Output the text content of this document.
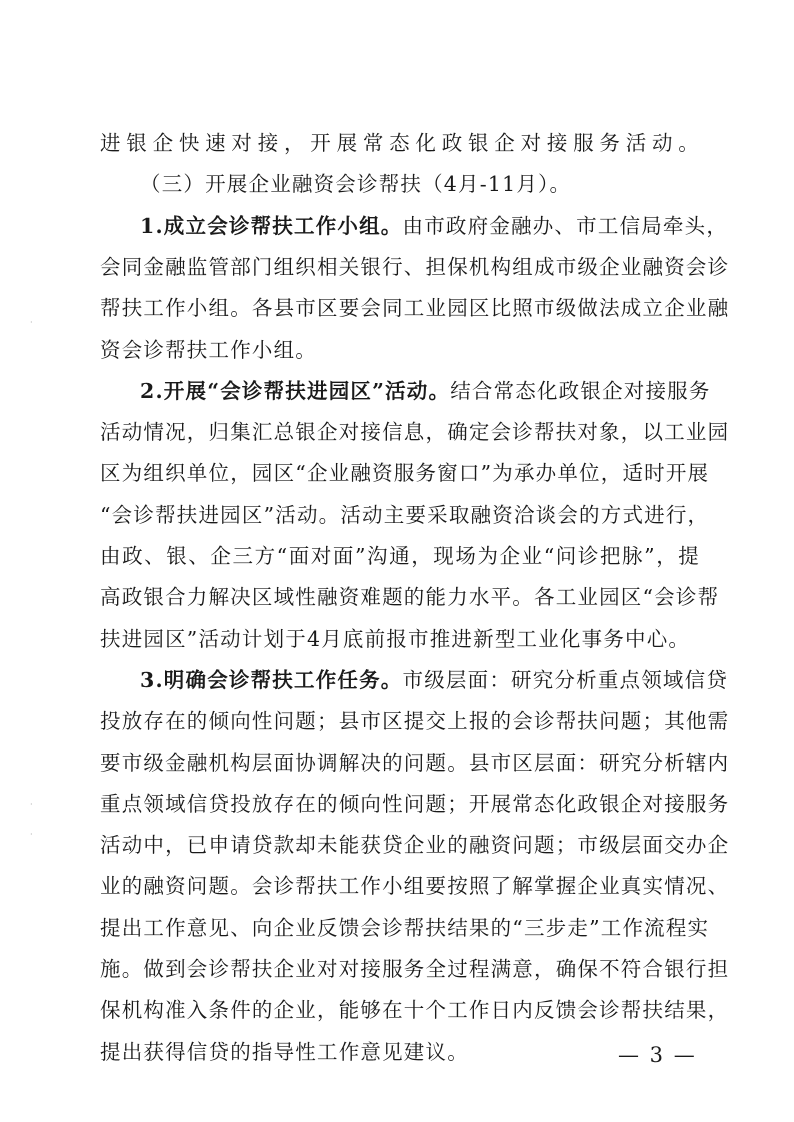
进银企快速对接，开展常态化政银企对接服务活动。
（三）开展企业融资会诊帮扶（4月-11月）。
1.成立会诊帮扶工作小组。由市政府金融办、市工信局牵头，
会同金融监管部门组织相关银行、担保机构组成市级企业融资会诊
帮扶工作小组。各县市区要会同工业园区比照市级做法成立企业融
资会诊帮扶工作小组。
2.开展“会诊帮扶进园区”活动。结合常态化政银企对接服务
活动情况，归集汇总银企对接信息，确定会诊帮扶对象，以工业园
区为组织单位，园区“企业融资服务窗口”为承办单位，适时开展
“会诊帮扶进园区”活动。活动主要采取融资洽谈会的方式进行，
由政、银、企三方“面对面”沟通，现场为企业“问诊把脉”，提
高政银合力解决区域性融资难题的能力水平。各工业园区“会诊帮
扶进园区”活动计划于4月底前报市推进新型工业化事务中心。
3.明确会诊帮扶工作任务。市级层面：研究分析重点领域信贷
投放存在的倾向性问题；县市区提交上报的会诊帮扶问题；其他需
要市级金融机构层面协调解决的问题。县市区层面：研究分析辖内
重点领域信贷投放存在的倾向性问题；开展常态化政银企对接服务
活动中，已申请贷款却未能获贷企业的融资问题；市级层面交办企
业的融资问题。会诊帮扶工作小组要按照了解掌握企业真实情况、
提出工作意见、向企业反馈会诊帮扶结果的“三步走”工作流程实
施。做到会诊帮扶企业对对接服务全过程满意，确保不符合银行担
保机构准入条件的企业，能够在十个工作日内反馈会诊帮扶结果，
提出获得信贷的指导性工作意见建议。	— 3 —
·
·
·
